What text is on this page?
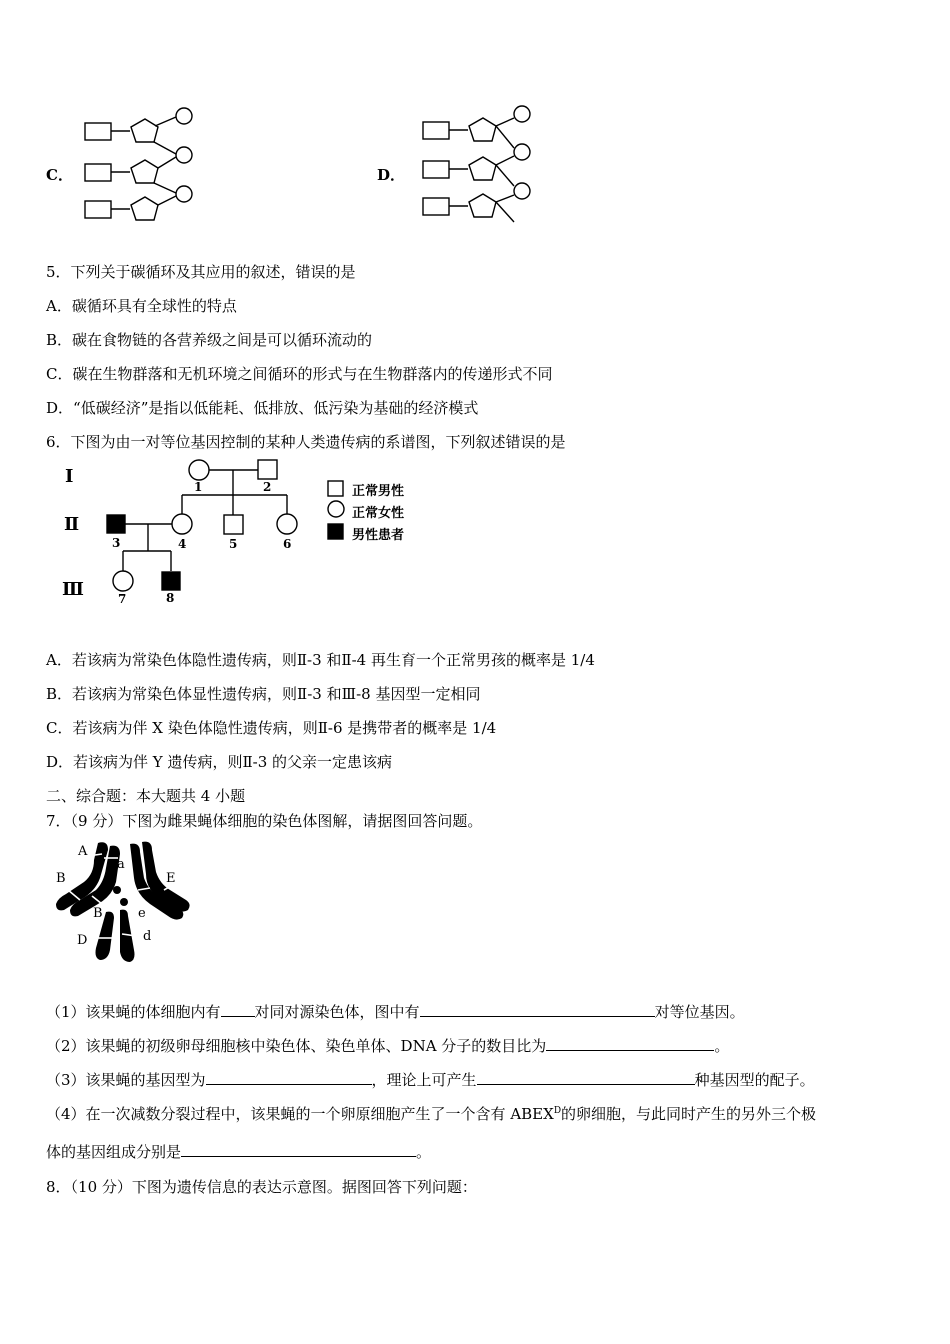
C．	D．
5．下列关于碳循环及其应用的叙述，错误的是
A．碳循环具有全球性的特点
B．碳在食物链的各营养级之间是可以循环流动的
C．碳在生物群落和无机环境之间循环的形式与在生物群落内的传递形式不同
D．“低碳经济”是指以低能耗、低排放、低污染为基础的经济模式
6．下图为由一对等位基因控制的某种人类遗传病的系谱图，下列叙述错误的是
Ⅰ
Ⅱ
Ⅲ
1	2
3	4	5	6
7	8
正常男性
正常女性
男性患者
A．若该病为常染色体隐性遗传病，则Ⅱ-3 和Ⅱ-4 再生育一个正常男孩的概率是 1/4
B．若该病为常染色体显性遗传病，则Ⅱ-3 和Ⅲ-8 基因型一定相同
C．若该病为伴 X 染色体隐性遗传病，则Ⅱ-6 是携带者的概率是 1/4
D．若该病为伴 Y 遗传病，则Ⅱ-3 的父亲一定患该病
二、综合题：本大题共 4 小题
7．（9 分）下图为雌果蝇体细胞的染色体图解，请据图回答问题。
A
a
B	E
B	e
D	d
（1）该果蝇的体细胞内有 对同对源染色体，图中有	对等位基因。
（2）该果蝇的初级卵母细胞核中染色体、染色单体、DNA 分子的数目比为	。
（3）该果蝇的基因型为	，理论上可产生	种基因型的配子。
（4）在一次减数分裂过程中，该果蝇的一个卵原细胞产生了一个含有 $ABEX^D$的卵细胞，与此同时产生的另外三个极
体的基因组成分别是	。
8．（10 分）下图为遗传信息的表达示意图。据图回答下列问题：
